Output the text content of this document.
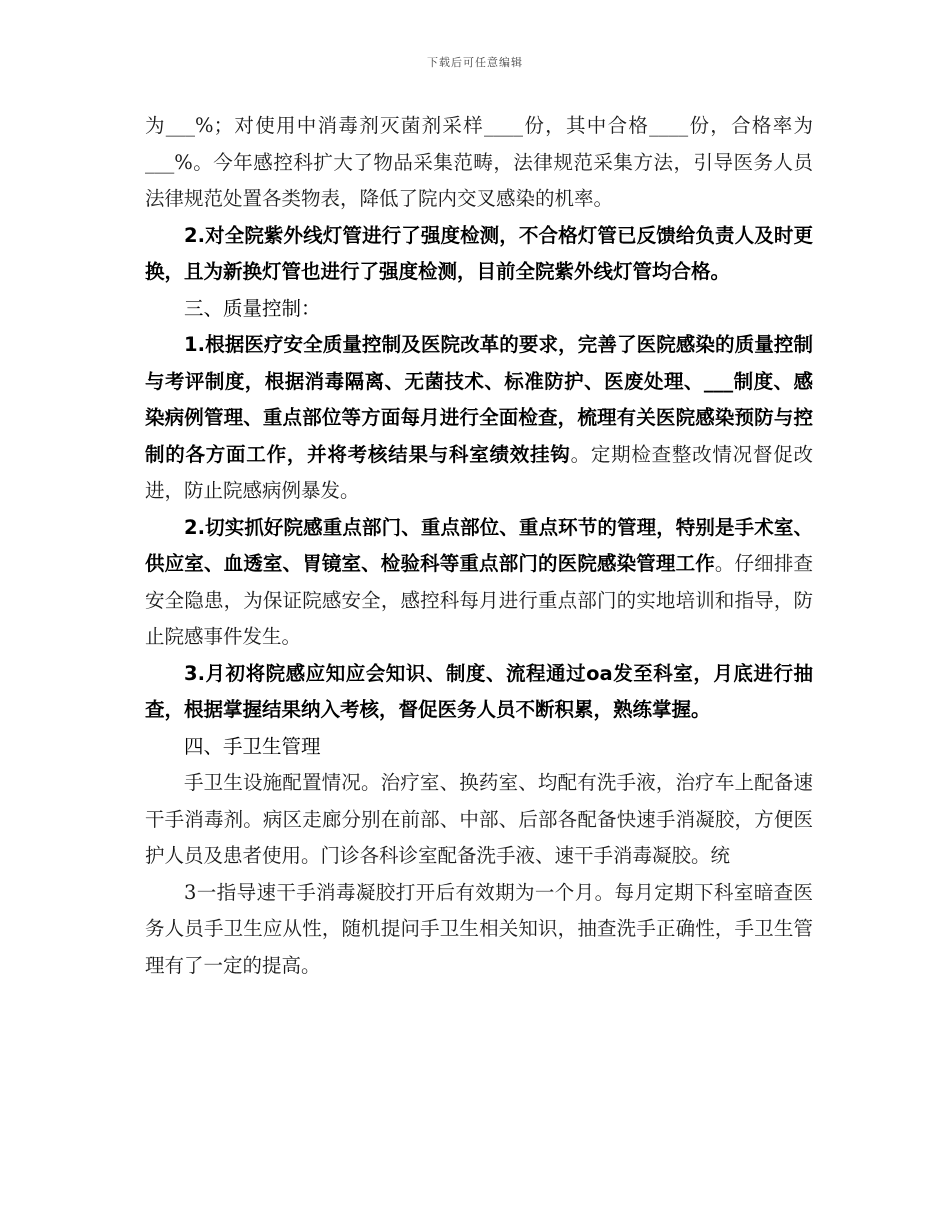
下载后可任意编辑

为___%；对使用中消毒剂灭菌剂采样____份，其中合格____份，合格率为___%。今年感控科扩大了物品采集范畴，法律规范采集方法，引导医务人员法律规范处置各类物表，降低了院内交叉感染的机率。

2.对全院紫外线灯管进行了强度检测，不合格灯管已反馈给负责人及时更换，且为新换灯管也进行了强度检测，目前全院紫外线灯管均合格。

三、质量控制：

1.根据医疗安全质量控制及医院改革的要求，完善了医院感染的质量控制与考评制度，根据消毒隔离、无菌技术、标准防护、医废处理、___制度、感染病例管理、重点部位等方面每月进行全面检查，梳理有关医院感染预防与控制的各方面工作，并将考核结果与科室绩效挂钩。定期检查整改情况督促改进，防止院感病例暴发。

2.切实抓好院感重点部门、重点部位、重点环节的管理，特别是手术室、供应室、血透室、胃镜室、检验科等重点部门的医院感染管理工作。仔细排查安全隐患，为保证院感安全，感控科每月进行重点部门的实地培训和指导，防止院感事件发生。

3.月初将院感应知应会知识、制度、流程通过oa发至科室，月底进行抽查，根据掌握结果纳入考核，督促医务人员不断积累，熟练掌握。

四、手卫生管理

手卫生设施配置情况。治疗室、换药室、均配有洗手液，治疗车上配备速干手消毒剂。病区走廊分别在前部、中部、后部各配备快速手消凝胶，方便医护人员及患者使用。门诊各科诊室配备洗手液、速干手消毒凝胶。统

3一指导速干手消毒凝胶打开后有效期为一个月。每月定期下科室暗查医务人员手卫生应从性，随机提问手卫生相关知识，抽查洗手正确性，手卫生管理有了一定的提高。
